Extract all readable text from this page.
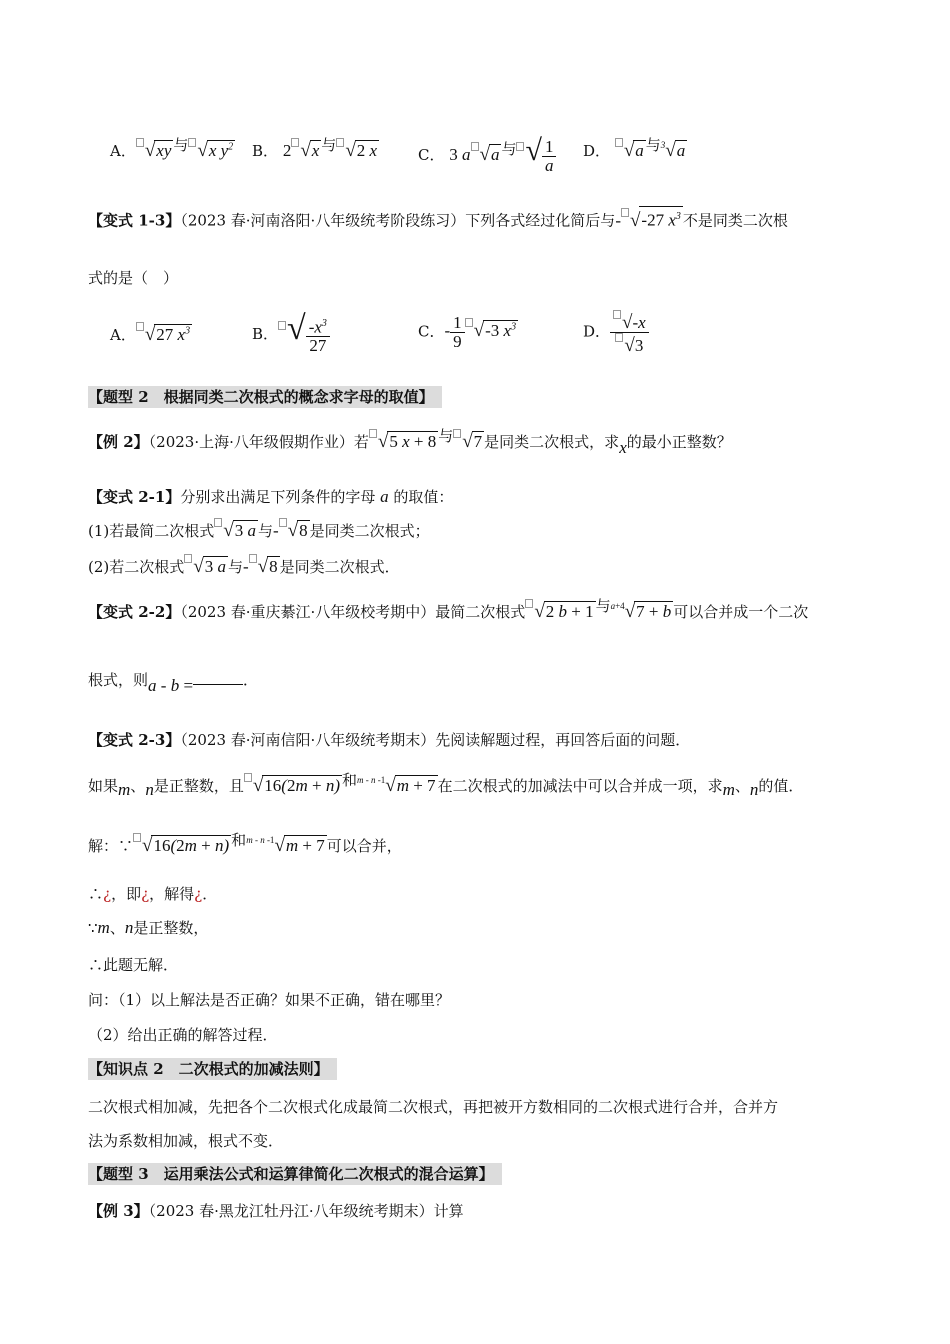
A． √xy 与 √x $y^2$ B． 2 √x 与 √2 x	C． 3 a √a 与 √ $\frac{1}{a}$ D． √a 与$^3$√a
【变式 1-3】（2023 春·河南洛阳·八年级统考阶段练习）下列各式经过化简后与- √-27 $x^3$ 不是同类二次根
式的是（　）
A． √27 $x^3$	B． √ $\frac{-x^3}{27}$	C．- $\frac{1}{9} √-3$ $x^3$	D． $\frac{√-x}{√3}$
【题型 2　根据同类二次根式的概念求字母的取值】
【例 2】（2023·上海·八年级假期作业）若 √5 x + 8 与 √7 是同类二次根式，求x的最小正整数？
【变式 2-1】分别求出满足下列条件的字母 a 的取值：
(1)若最简二次根式 √3 a 与- √8 是同类二次根式；
(2)若二次根式 √3 a 与- √8 是同类二次根式．
【变式 2-2】（2023 春·重庆綦江·八年级校考期中）最简二次根式 √2 b + 1 与$^{a+4}$√7 + b 可以合并成一个二次
根式，则a - b =	．
【变式 2-3】（2023 春·河南信阳·八年级统考期末）先阅读解题过程，再回答后面的问题．
如果m、n是正整数，且 √16(2m + n) 和$^{m - n -1}$√m + 7 在二次根式的加减法中可以合并成一项，求m、n的值．
解：∵ √16(2m + n) 和$^{m - n -1}$√m + 7 可以合并，
∴¿，即¿，解得¿．
∵m、n是正整数，
∴此题无解．
问：（1）以上解法是否正确？如果不正确，错在哪里？
（2）给出正确的解答过程．
【知识点 2　二次根式的加减法则】
二次根式相加减，先把各个二次根式化成最简二次根式，再把被开方数相同的二次根式进行合并，合并方
法为系数相加减，根式不变．
【题型 3　运用乘法公式和运算律简化二次根式的混合运算】
【例 3】（2023 春·黑龙江牡丹江·八年级统考期末）计算
